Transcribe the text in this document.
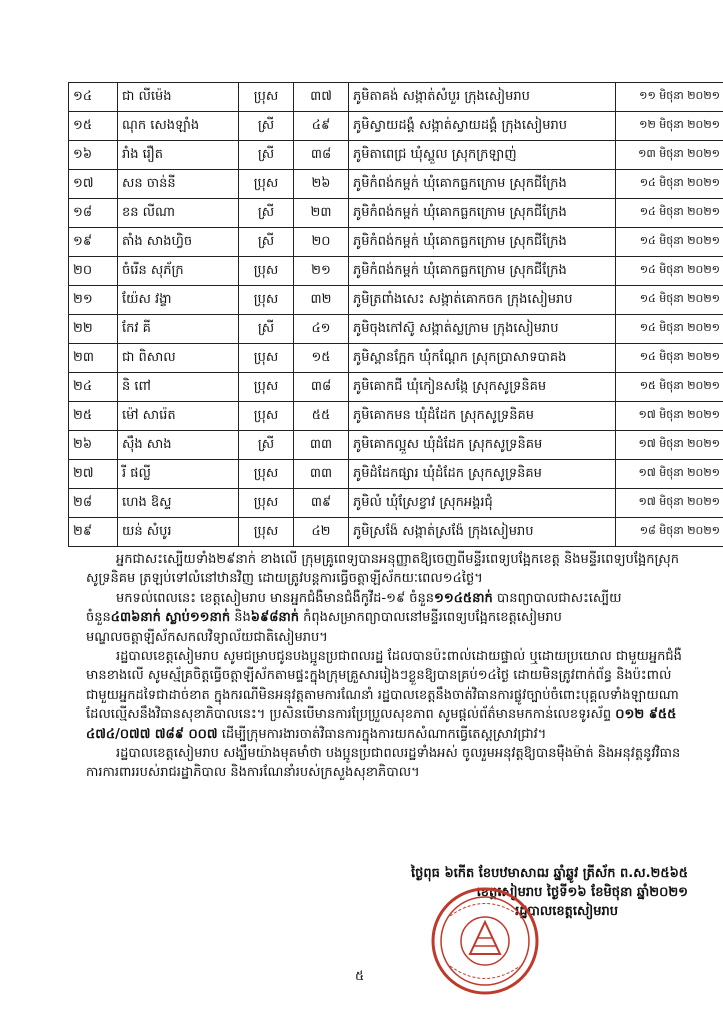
១៤	ជា លីម៉េង	ប្រុស	៣៧	ភូមិតាគង់ សង្កាត់សំបួរ ក្រុងសៀមរាប	១១ មិថុនា ២០២១
១៥	ណុក សេងឡាំង	ស្រី	៤៩	ភូមិស្វាយដង្គំ សង្កាត់ស្វាយដង្គំ ក្រុងសៀមរាប	១២ មិថុនា ២០២១
១៦	រាំង រឿត	ស្រី	៣៨	ភូមិតាពេជ្រ ឃុំស្ពួល ស្រុកក្រឡាញ់	១៣ មិថុនា ២០២១
១៧	សន ចាន់នី	ប្រុស	២៦	ភូមិកំពង់កម្ពក់ ឃុំគោកធ្លកក្រោម ស្រុកជីក្រែង	១៤ មិថុនា ២០២១
១៨	ខន លីណា	ស្រី	២៣	ភូមិកំពង់កម្ពក់ ឃុំគោកធ្លកក្រោម ស្រុកជីក្រែង	១៤ មិថុនា ២០២១
១៩	តាំង សាងហ្វិច	ស្រី	២០	ភូមិកំពង់កម្ពក់ ឃុំគោកធ្លកក្រោម ស្រុកជីក្រែង	១៤ មិថុនា ២០២១
២០	ចំរើន សុភ័ក្រ	ប្រុស	២១	ភូមិកំពង់កម្ពក់ ឃុំគោកធ្លកក្រោម ស្រុកជីក្រែង	១៤ មិថុនា ២០២១
២១	យ៉ែស វង្ខា	ប្រុស	៣២	ភូមិត្រពាំងសេះ សង្កាត់គោកចក ក្រុងសៀមរាប	១៤ មិថុនា ២០២១
២២	កែវ គី	ស្រី	៤១	ភូមិចុងកៅស៊ូ សង្កាត់ស្លក្រាម ក្រុងសៀមរាប	១៤ មិថុនា ២០២១
២៣	ជា ពិសាល	ប្រុស	១៥	ភូមិស្ពានក្អែក ឃុំកណ្តែក ស្រុកប្រាសាទបាគង	១៤ មិថុនា ២០២១
២៤	និ ពៅ	ប្រុស	៣៨	ភូមិគោកជី ឃុំកៀនសង្កែ ស្រុកសូទ្រនិគម	១៥ មិថុនា ២០២១
២៥	ម៉ៅ សារ៉េត	ប្រុស	៥៥	ភូមិគោកមន ឃុំដំដែក ស្រុកសូទ្រនិគម	១៧ មិថុនា ២០២១
២៦	ស៊ឹង សាង	ស្រី	៣៣	ភូមិគោកល្អួស ឃុំដំដែក ស្រុកសូទ្រនិគម	១៧ មិថុនា ២០២១
២៧	រី ផល្លី	ប្រុស	៣៣	ភូមិដំដែកផ្សារ ឃុំដំដែក ស្រុកសូទ្រនិគម	១៧ មិថុនា ២០២១
២៨	ហេង ឱស្ទ	ប្រុស	៣៩	ភូមិលំ ឃុំស្រែខ្វាវ ស្រុកអង្គរជុំ	១៧ មិថុនា ២០២១
២៩	យន់ សំបូរ	ប្រុស	៤២	ភូមិស្រង៉ែ សង្កាត់ស្រង៉ែ ក្រុងសៀមរាប	១៨ មិថុនា ២០២១

អ្នកជាសះស្បើយទាំង២៩នាក់ ខាងលើ ក្រុមគ្រូពេទ្យបានអនុញ្ញាតឱ្យចេញពីមន្ទីរពេទ្យបង្អែកខេត្ត និងមន្ទីរពេទ្យបង្អែកស្រុកសូទ្រនិគម ត្រឡប់ទៅលំនៅឋានវិញ ដោយត្រូវបន្តការធ្វើចត្តាឡីស័កយៈពេល១៤ថ្ងៃ។

មកទល់ពេលនេះ ខេត្តសៀមរាប មានអ្នកជំងឺមានជំងឺកូវីដ-១៩ ចំនួន១១៤៥នាក់ បានព្យាបាលជាសះស្បើយចំនួន៤៣៦នាក់ ស្លាប់១១នាក់ និង៦៩៨នាក់ កំពុងសម្រាកព្យាបាលនៅមន្ទីរពេទ្យបង្អែកខេត្តសៀមរាប មណ្ឌលចត្តាឡីស័កសកលវិទ្យាល័យជាតិសៀមរាប។

រដ្ឋបាលខេត្តសៀមរាប សូមជម្រាបជូនបងប្អូនប្រជាពលរដ្ឋ ដែលបានប៉ះពាល់ដោយផ្ទាល់ ឬដោយប្រយោល ជាមួយអ្នកជំងឺមានខាងលើ សូមស្ម័គ្រចិត្តធ្វើចត្តាឡីស័កតាមផ្ទះក្នុងក្រុមគ្រួសាររៀងៗខ្លួនឱ្យបានគ្រប់១៤ថ្ងៃ ដោយមិនត្រូវពាក់ព័ន្ធ និងប៉ះពាល់ជាមួយអ្នកដទៃជាដាច់ខាត ក្នុងករណីមិនអនុវត្តតាមការណែនាំ រដ្ឋបាលខេត្តនឹងចាត់វិធានការផ្លូវច្បាប់ចំពោះបុគ្គលទាំងឡាយណាដែលល្មើសនឹងវិធានសុខាភិបាលនេះ។ ប្រសិនបើមានការប្រែប្រួលសុខភាព សូមផ្តល់ព័ត៌មានមកកាន់លេខទូរស័ព្ទ ០១២ ៩៥៥ ៤៧៤/០៧៧ ៧៨៩ ០០៧ ដើម្បីក្រុមការងារចាត់វិធានការក្នុងការយកសំណាកធ្វើតេស្តស្រាវជ្រាវ។

រដ្ឋបាលខេត្តសៀមរាប សង្ឃឹមយ៉ាងមុតមាំថា បងប្អូនប្រជាពលរដ្ឋទាំងអស់ ចូលរួមអនុវត្តឱ្យបានម៉ឺងម៉ាត់ និងអនុវត្តនូវវិធានការការពាររបស់រាជរដ្ឋាភិបាល និងការណែនាំរបស់ក្រសួងសុខាភិបាល។

ថ្ងៃពុធ ៦កើត ខែបឋមាសាឍ ឆ្នាំឆ្លូវ ត្រីស័ក ព.ស.២៥៦៥
ខេត្តសៀមរាប ថ្ងៃទី១៦ ខែមិថុនា ឆ្នាំ២០២១
រដ្ឋបាលខេត្តសៀមរាប
៥
